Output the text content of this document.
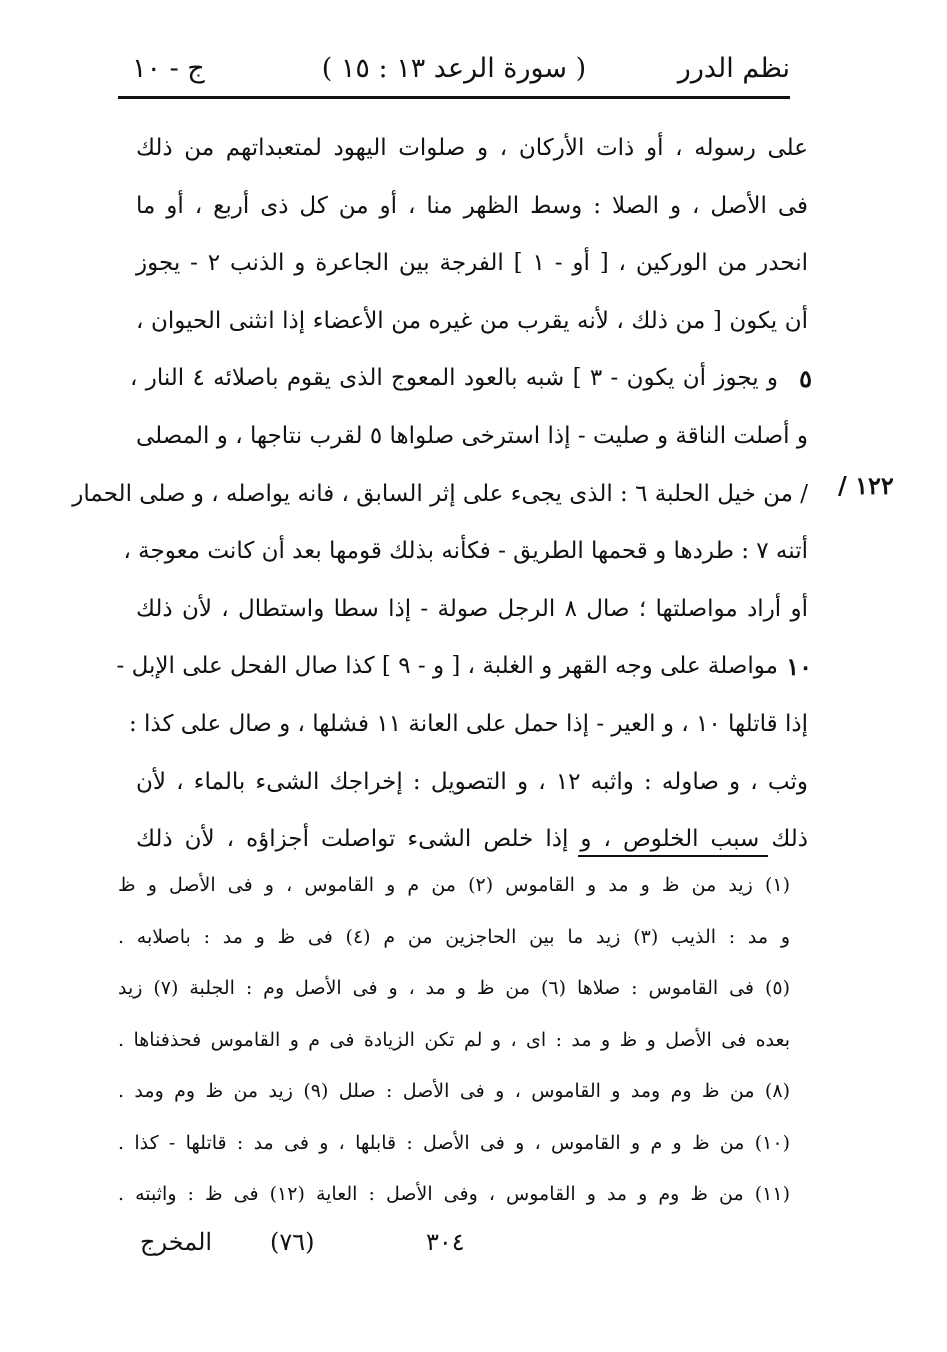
نظم الدرر
( سورة الرعد ١٣ : ١٥ )
ج - ١٠
١٢٢ /
على رسوله ، أو ذات الأركان ، و صلوات اليهود لمتعبداتهم من ذلك
فى الأصل ، و الصلا : وسط الظهر منا ، أو من كل ذى أربع ، أو ما
انحدر من الوركين ، [ أو - ١ ] الفرجة بين الجاعرة و الذنب ٢ - يجوز
أن يكون [ من ذلك ، لأنه يقرب من غيره من الأعضاء إذا انثنى الحيوان ،
٥
و يجوز أن يكون - ٣ ] شبه بالعود المعوج الذى يقوم باصلائه ٤ النار ،
و أصلت الناقة و صليت - إذا استرخى صلواها ٥ لقرب نتاجها ، و المصلى
/ من خيل الحلبة ٦ : الذى يجىء على إثر السابق ، فانه يواصله ، و صلى الحمار
أتنه ٧ : طردها و قحمها الطريق - فكأنه بذلك قومها بعد أن كانت معوجة ،
أو أراد مواصلتها ؛ صال ٨ الرجل صولة - إذا سطا واستطال ، لأن ذلك
١٠
مواصلة على وجه القهر و الغلبة ، [ و - ٩ ] كذا صال الفحل على الإبل -
إذا قاتلها ١٠ ، و العير - إذا حمل على العانة ١١ فشلها ، و صال على كذا :
وثب ، و صاوله : واثبه ١٢ ، و التصويل : إخراجك الشىء بالماء ، لأن
ذلك سبب الخلوص ، و إذا خلص الشىء تواصلت أجزاؤه ، لأن ذلك
(١) زيد من ظ و مد و القاموس (٢) من م و القاموس ، و فى الأصل و ظ
و مد : الذيب (٣) زيد ما بين الحاجزين من م (٤) فى ظ و مد : باصلابه .
(٥) فى القاموس : صلاها (٦) من ظ و مد ، و فى الأصل وم : الجلبة (٧) زيد
بعده فى الأصل و ظ و مد : اى ، و لم تكن الزيادة فى م و القاموس فحذفناها .
(٨) من ظ وم ومد و القاموس ، و فى الأصل : صلل (٩) زيد من ظ وم ومد .
(١٠) من ظ و م و القاموس ، و فى الأصل : قابلها ، و فى مد : قاتلها - كذا .
(١١) من ظ وم و مد و القاموس ، وفى الأصل : العاية (١٢) فى ظ : واثبته .
٣٠٤
(٧٦)
المخرج
